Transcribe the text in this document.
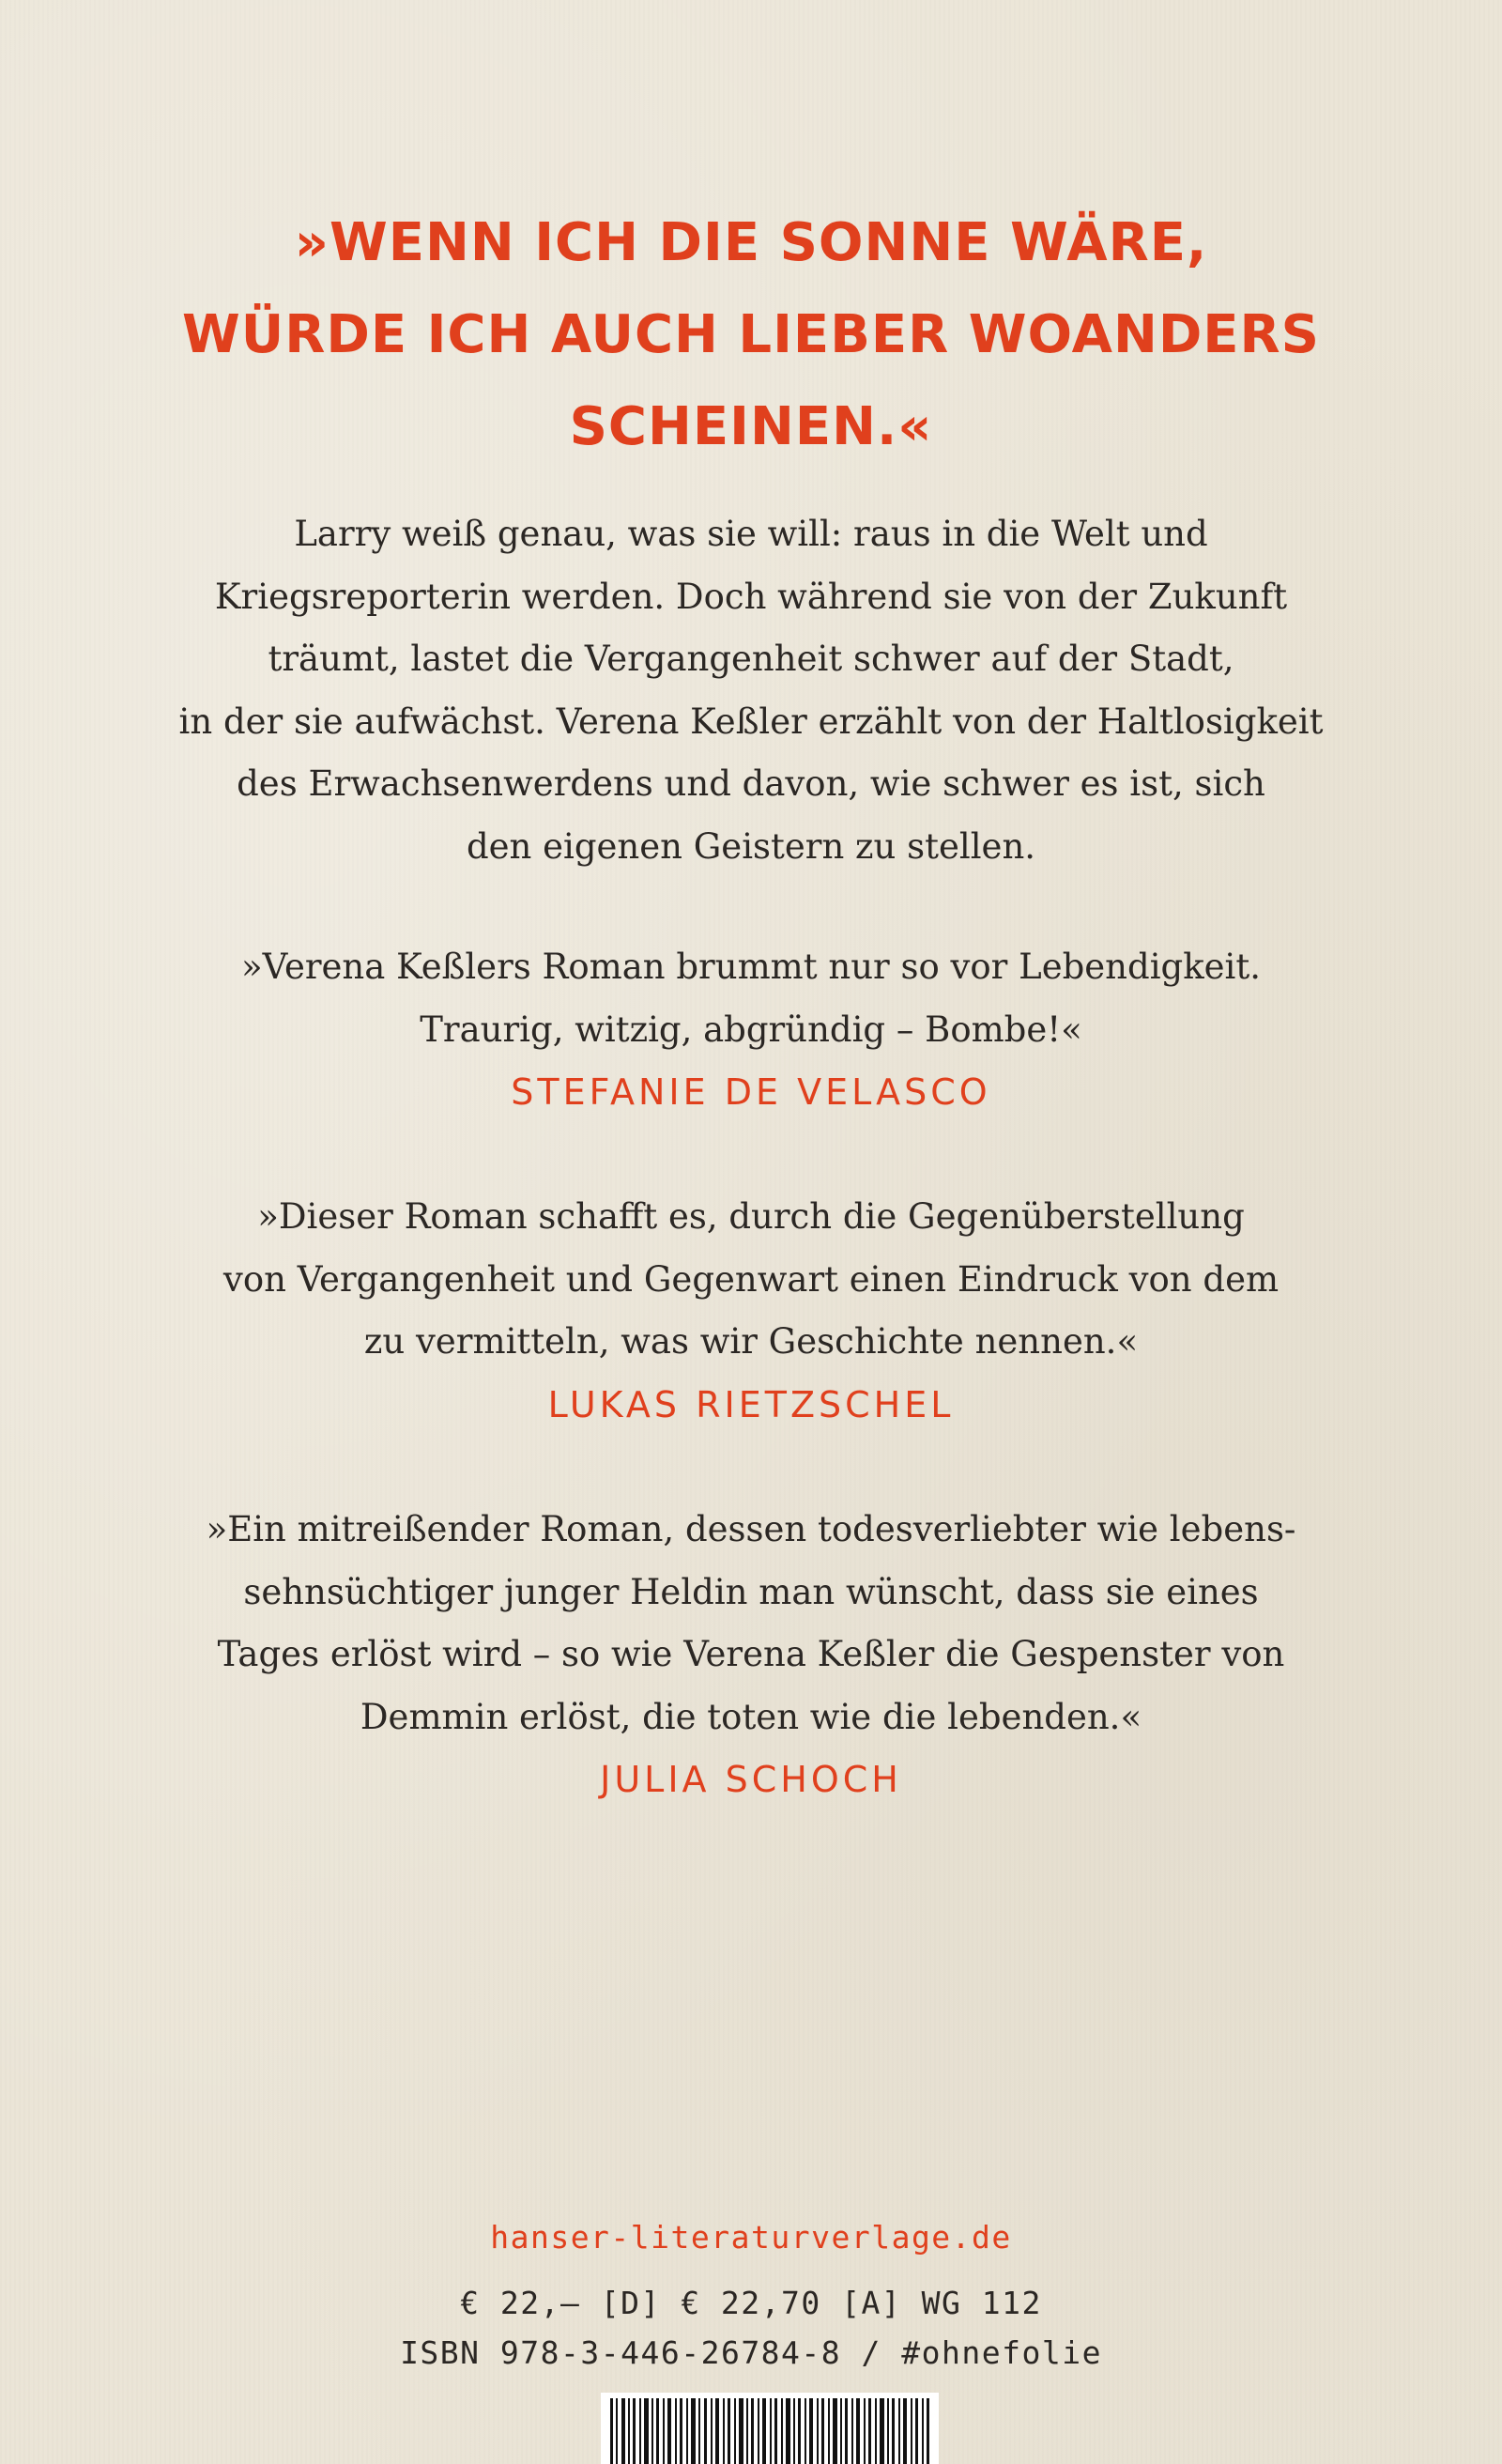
»WENN ICH DIE SONNE WÄRE,
WÜRDE ICH AUCH LIEBER WOANDERS
SCHEINEN.«

Larry weiß genau, was sie will: raus in die Welt und
Kriegsreporterin werden. Doch während sie von der Zukunft
träumt, lastet die Vergangenheit schwer auf der Stadt,
in der sie aufwächst. Verena Keßler erzählt von der Haltlosigkeit
des Erwachsenwerdens und davon, wie schwer es ist, sich
den eigenen Geistern zu stellen.

»Verena Keßlers Roman brummt nur so vor Lebendigkeit.
Traurig, witzig, abgründig – Bombe!«
STEFANIE DE VELASCO
»Dieser Roman schafft es, durch die Gegenüberstellung
von Vergangenheit und Gegenwart einen Eindruck von dem
zu vermitteln, was wir Geschichte nennen.«
LUKAS RIETZSCHEL
»Ein mitreißender Roman, dessen todesverliebter wie lebens-
sehnsüchtiger junger Heldin man wünscht, dass sie eines
Tages erlöst wird – so wie Verena Keßler die Gespenster von
Demmin erlöst, die toten wie die lebenden.«
JULIA SCHOCH

hanser-literaturverlage.de

€ 22,– [D] € 22,70 [A] WG 112

ISBN 978-3-446-26784-8 / #ohnefolie
